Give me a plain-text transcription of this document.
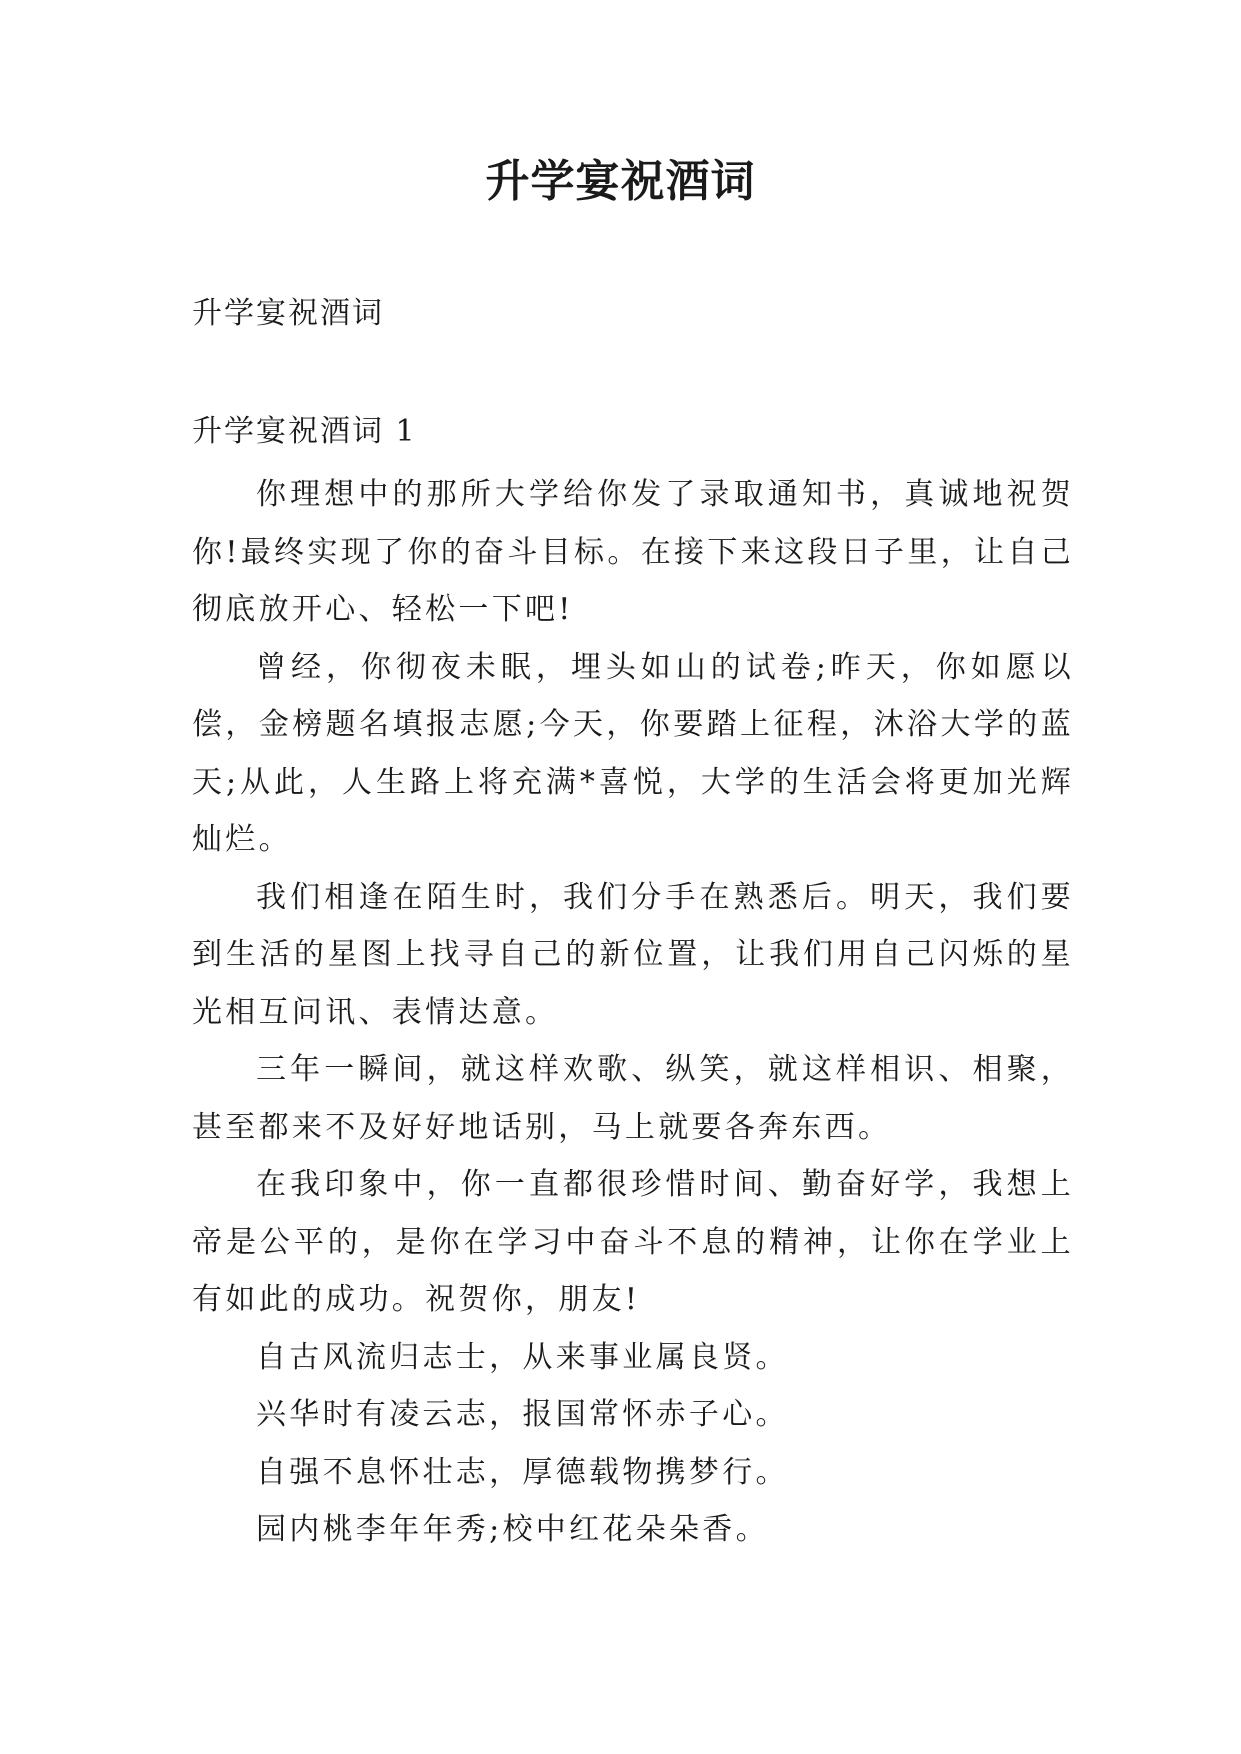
升学宴祝酒词
升学宴祝酒词
升学宴祝酒词 1

你理想中的那所大学给你发了录取通知书，真诚地祝贺你!最终实现了你的奋斗目标。在接下来这段日子里，让自己彻底放开心、轻松一下吧!

曾经，你彻夜未眠，埋头如山的试卷;昨天，你如愿以偿，金榜题名填报志愿;今天，你要踏上征程，沐浴大学的蓝天;从此，人生路上将充满*喜悦，大学的生活会将更加光辉灿烂。

我们相逢在陌生时，我们分手在熟悉后。明天，我们要到生活的星图上找寻自己的新位置，让我们用自己闪烁的星光相互问讯、表情达意。

三年一瞬间，就这样欢歌、纵笑，就这样相识、相聚，甚至都来不及好好地话别，马上就要各奔东西。

在我印象中，你一直都很珍惜时间、勤奋好学，我想上帝是公平的，是你在学习中奋斗不息的精神，让你在学业上有如此的成功。祝贺你，朋友!

自古风流归志士，从来事业属良贤。

兴华时有凌云志，报国常怀赤子心。

自强不息怀壮志，厚德载物携梦行。

园内桃李年年秀;校中红花朵朵香。
